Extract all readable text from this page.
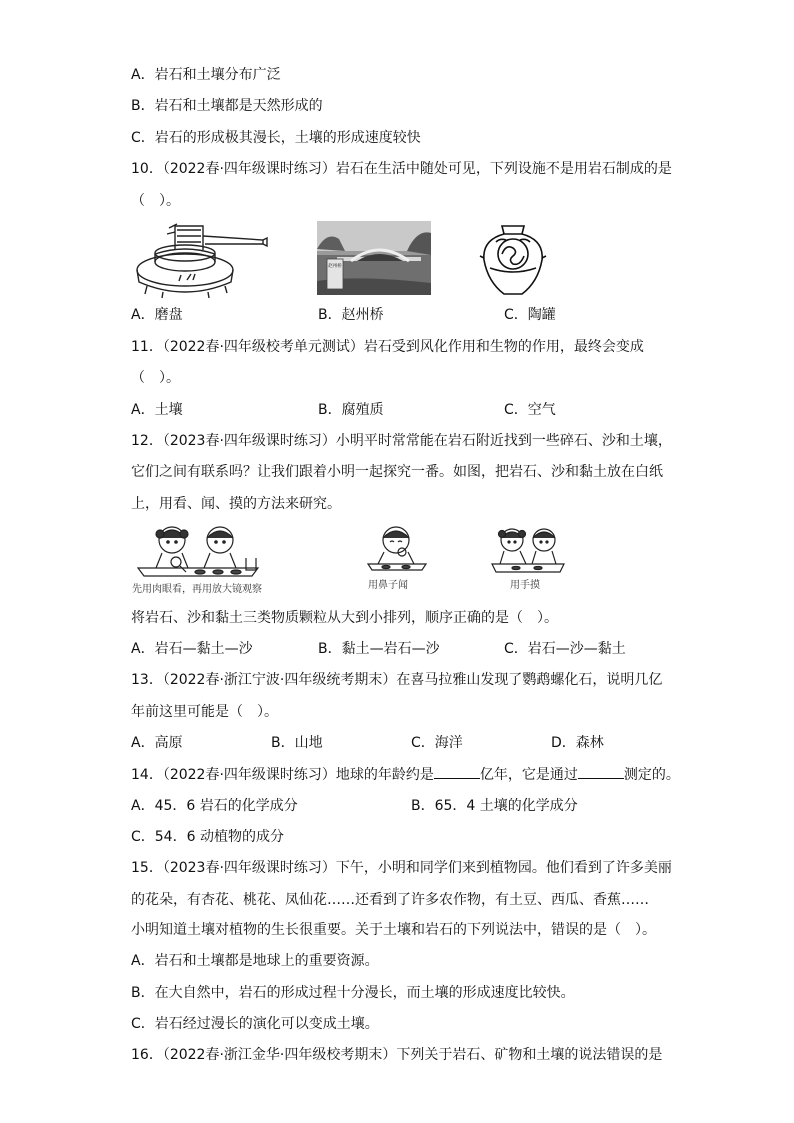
A．岩石和土壤分布广泛
B．岩石和土壤都是天然形成的
C．岩石的形成极其漫长，土壤的形成速度较快
10．（2022春·四年级课时练习）岩石在生活中随处可见，下列设施不是用岩石制成的是
（　）。
赵州桥
A．磨盘	B．赵州桥	C．陶罐
11．（2022春·四年级校考单元测试）岩石受到风化作用和生物的作用，最终会变成
（　）。
A．土壤	B．腐殖质	C．空气
12．（2023春·四年级课时练习）小明平时常常能在岩石附近找到一些碎石、沙和土壤，
它们之间有联系吗？让我们跟着小明一起探究一番。如图，把岩石、沙和黏土放在白纸
上，用看、闻、摸的方法来研究。
先用肉眼看，再用放大镜观察	用鼻子闻	用手摸
将岩石、沙和黏土三类物质颗粒从大到小排列，顺序正确的是（　）。
A．岩石—黏土—沙	B．黏土—岩石—沙	C．岩石—沙—黏土
13．（2022春·浙江宁波·四年级统考期末）在喜马拉雅山发现了鹦鹉螺化石，说明几亿
年前这里可能是（　）。
A．高原	B．山地	C．海洋	D．森林
14．（2022春·四年级课时练习）地球的年龄约是	亿年，它是通过	测定的。
A．45．6 岩石的化学成分	B．65．4 土壤的化学成分
C．54．6 动植物的成分
15．（2023春·四年级课时练习）下午，小明和同学们来到植物园。他们看到了许多美丽
的花朵，有杏花、桃花、凤仙花……还看到了许多农作物，有土豆、西瓜、香蕉……
小明知道土壤对植物的生长很重要。关于土壤和岩石的下列说法中，错误的是（　）。
A．岩石和土壤都是地球上的重要资源。
B．在大自然中，岩石的形成过程十分漫长，而土壤的形成速度比较快。
C．岩石经过漫长的演化可以变成土壤。
16．（2022春·浙江金华·四年级校考期末）下列关于岩石、矿物和土壤的说法错误的是
